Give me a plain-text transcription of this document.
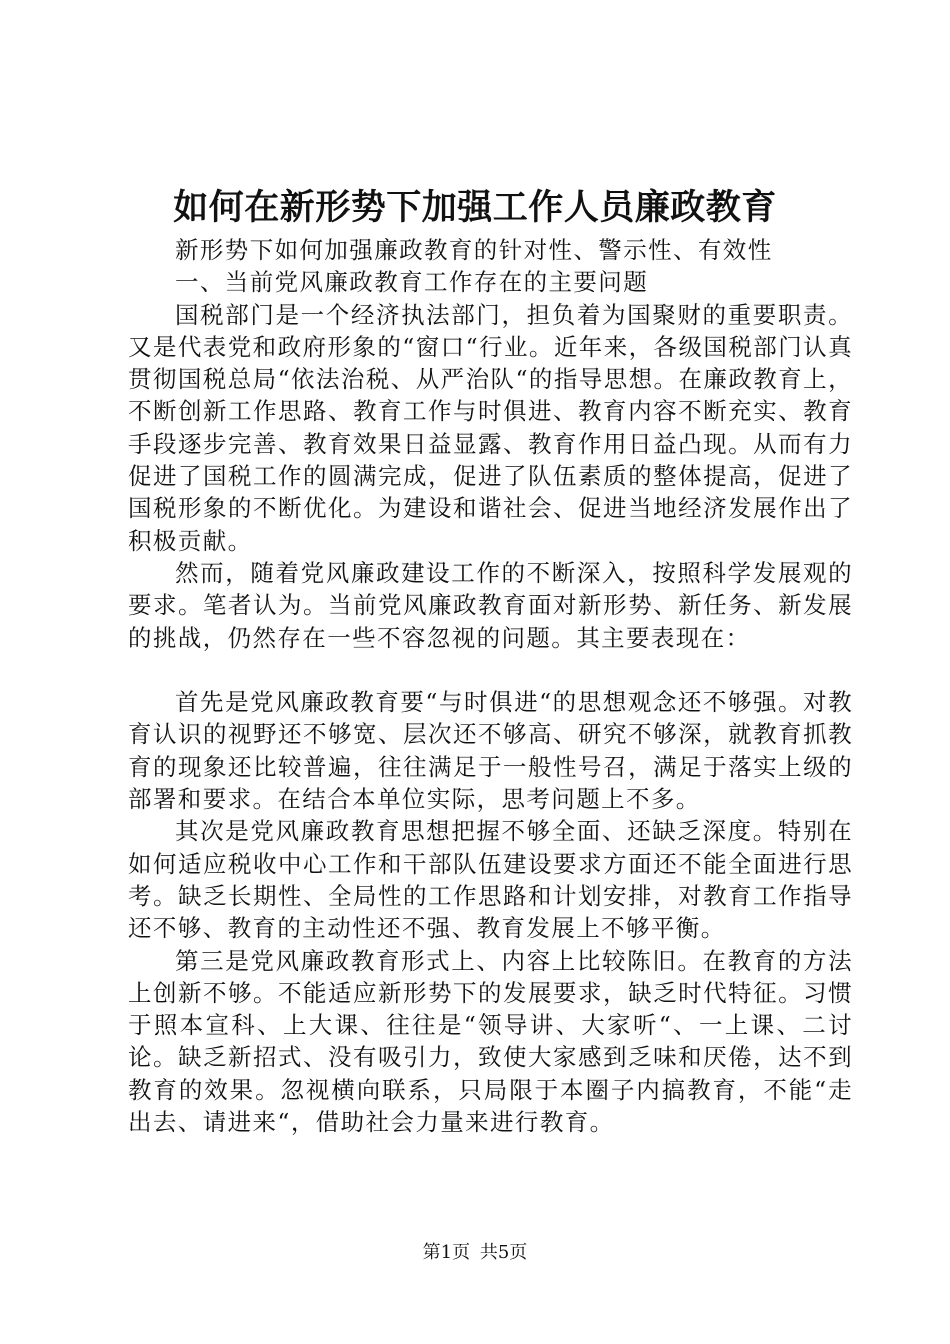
如何在新形势下加强工作人员廉政教育

新形势下如何加强廉政教育的针对性、警示性、有效性

一、当前党风廉政教育工作存在的主要问题

国税部门是一个经济执法部门，担负着为国聚财的重要职责。又是代表党和政府形象的“窗口“行业。近年来，各级国税部门认真贯彻国税总局“依法治税、从严治队“的指导思想。在廉政教育上，不断创新工作思路、教育工作与时俱进、教育内容不断充实、教育手段逐步完善、教育效果日益显露、教育作用日益凸现。从而有力促进了国税工作的圆满完成，促进了队伍素质的整体提高，促进了国税形象的不断优化。为建设和谐社会、促进当地经济发展作出了积极贡献。

然而，随着党风廉政建设工作的不断深入，按照科学发展观的要求。笔者认为。当前党风廉政教育面对新形势、新任务、新发展的挑战，仍然存在一些不容忽视的问题。其主要表现在：

首先是党风廉政教育要“与时俱进“的思想观念还不够强。对教育认识的视野还不够宽、层次还不够高、研究不够深，就教育抓教育的现象还比较普遍，往往满足于一般性号召，满足于落实上级的部署和要求。在结合本单位实际，思考问题上不多。

其次是党风廉政教育思想把握不够全面、还缺乏深度。特别在如何适应税收中心工作和干部队伍建设要求方面还不能全面进行思考。缺乏长期性、全局性的工作思路和计划安排，对教育工作指导还不够、教育的主动性还不强、教育发展上不够平衡。

第三是党风廉政教育形式上、内容上比较陈旧。在教育的方法上创新不够。不能适应新形势下的发展要求，缺乏时代特征。习惯于照本宣科、上大课、往往是“领导讲、大家听“、一上课、二讨论。缺乏新招式、没有吸引力，致使大家感到乏味和厌倦，达不到教育的效果。忽视横向联系，只局限于本圈子内搞教育，不能“走出去、请进来“，借助社会力量来进行教育。

第1页 共5页
